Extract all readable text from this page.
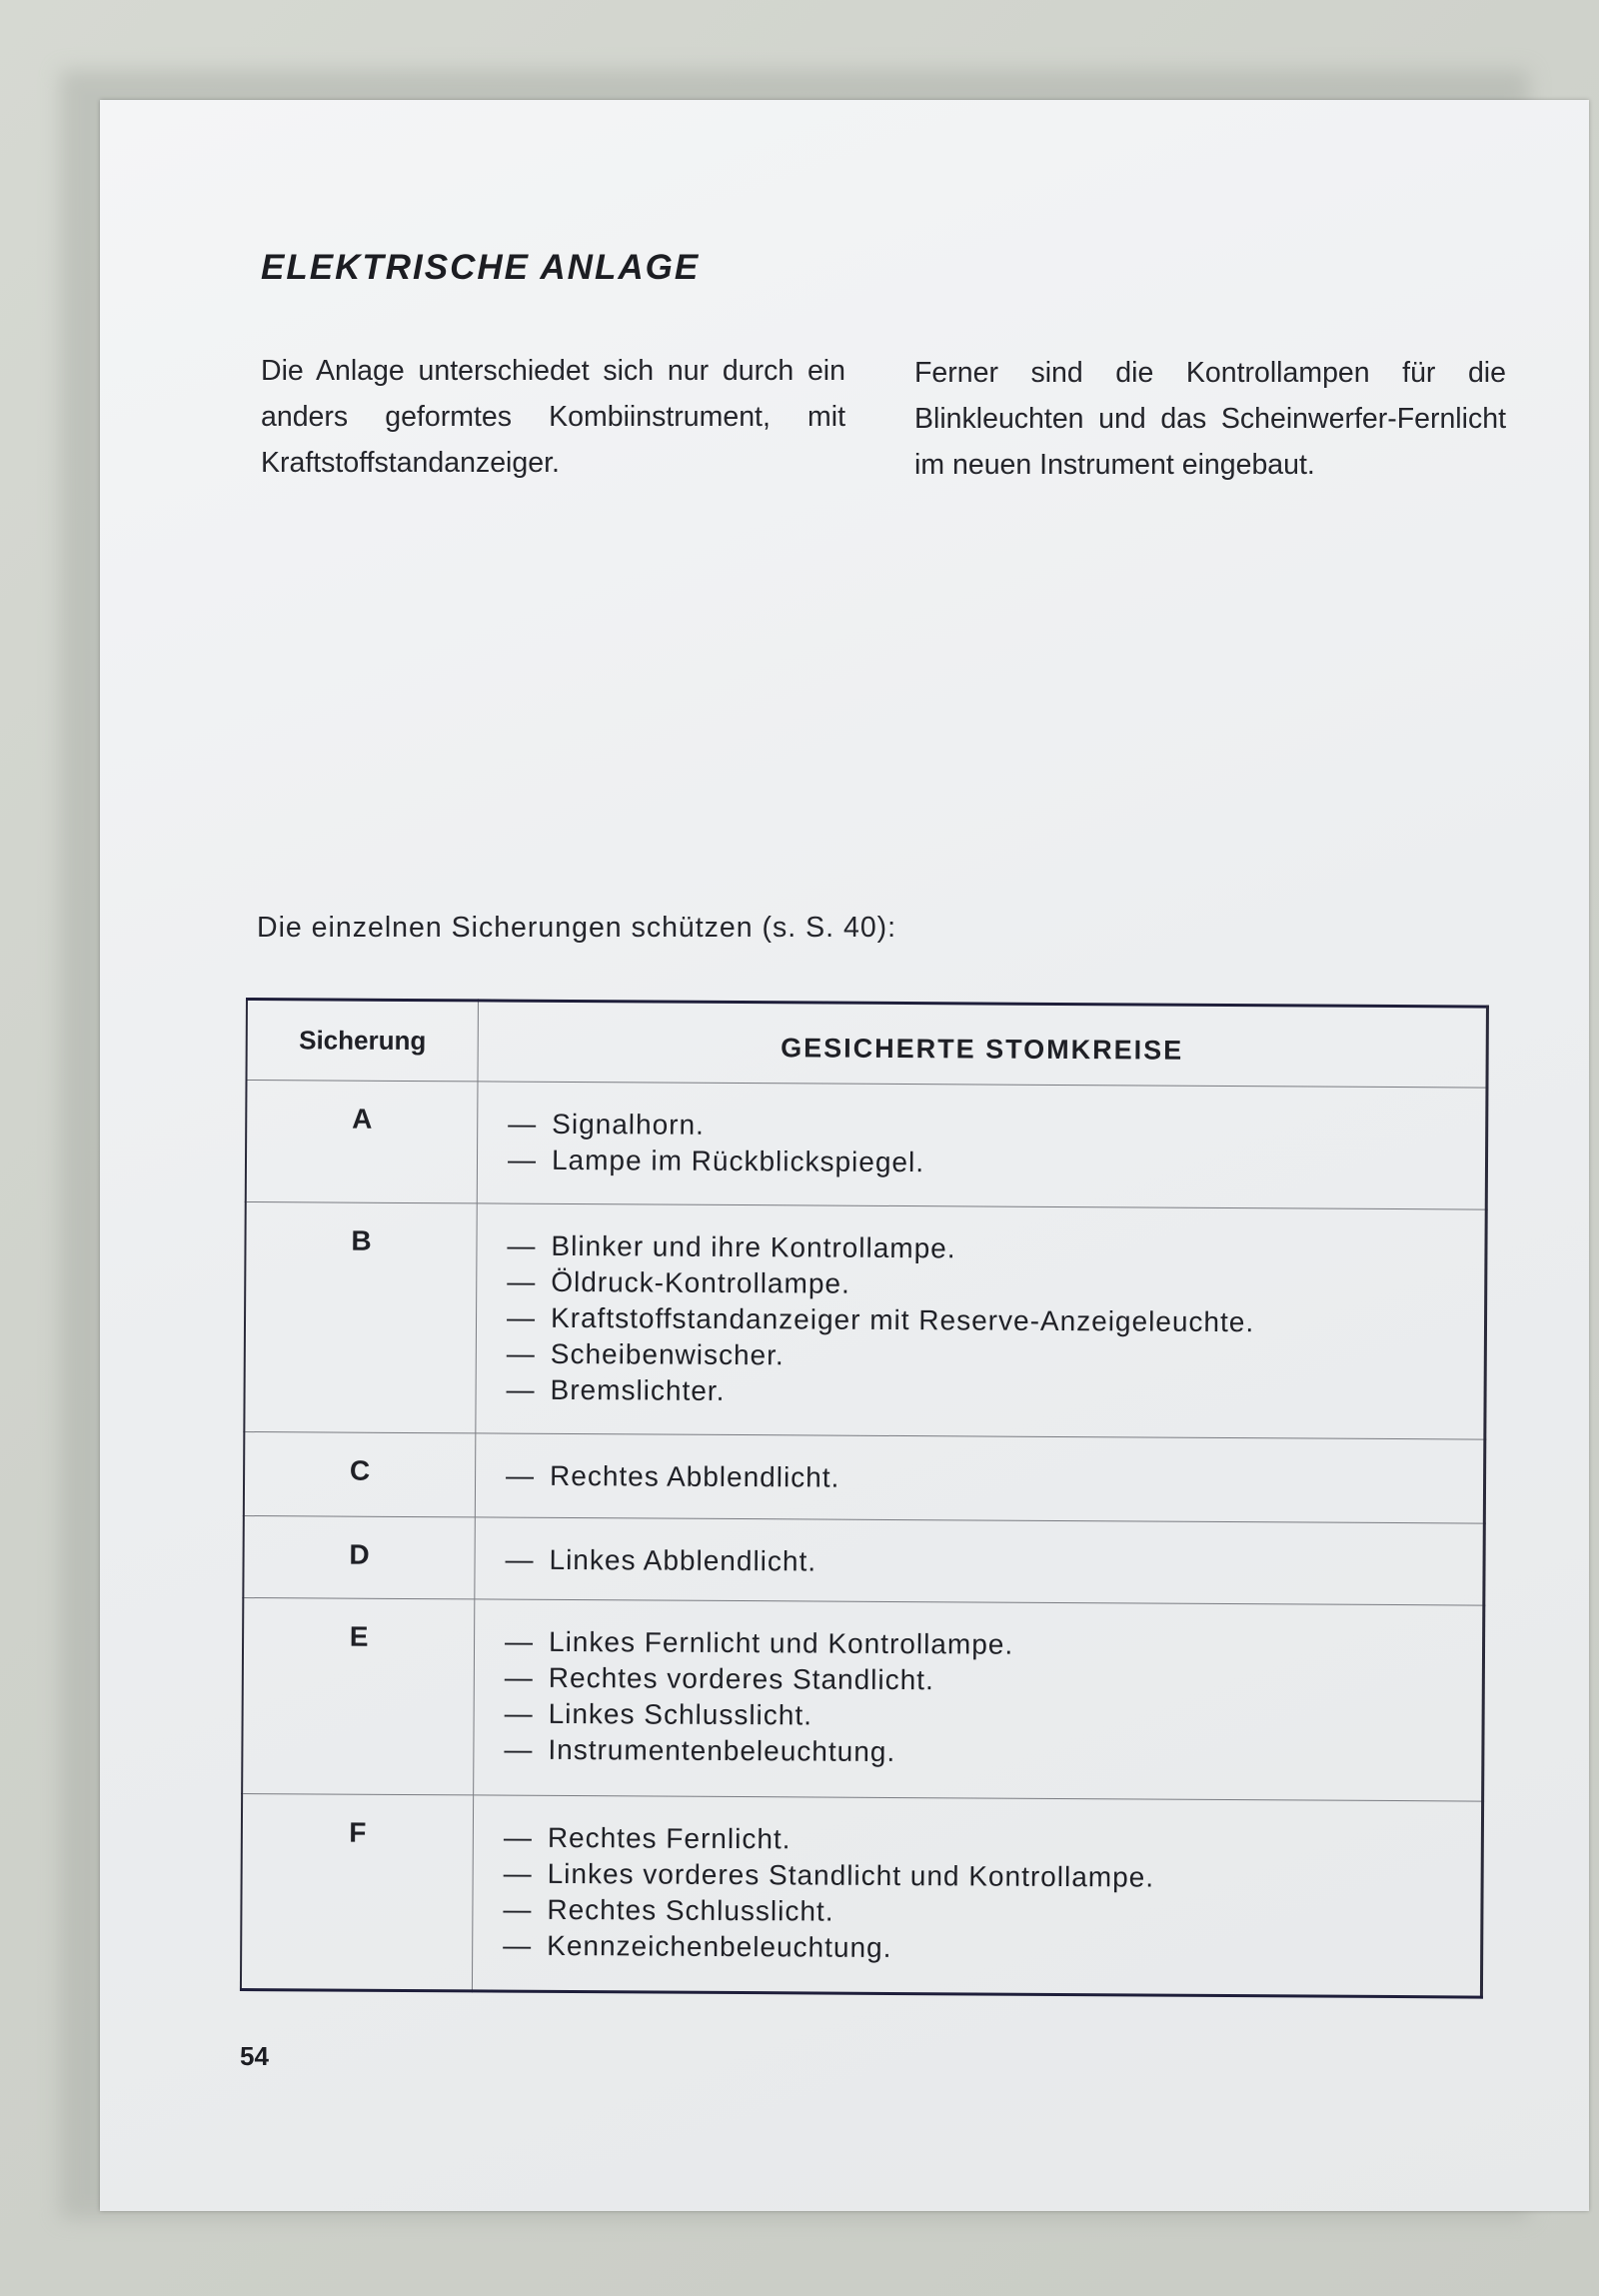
ELEKTRISCHE ANLAGE

Die Anlage unterschiedet sich nur durch ein anders geformtes Kombiinstrument, mit Kraftstoffstandanzeiger.

Ferner sind die Kontrollampen für die Blinkleuchten und das Scheinwerfer-Fernlicht im neuen Instrument eingebaut.

Die einzelnen Sicherungen schützen (s. S. 40):

Sicherung	GESICHERTE STOMKREISE
A	— Signalhorn.
— Lampe im Rückblickspiegel.

B	— Blinker und ihre Kontrollampe.
— Öldruck-Kontrollampe.
— Kraftstoffstandanzeiger mit Reserve-Anzeigeleuchte.
— Scheibenwischer.
— Bremslichter.

C	— Rechtes Abblendlicht.

D	— Linkes Abblendlicht.

E	— Linkes Fernlicht und Kontrollampe.
— Rechtes vorderes Standlicht.
— Linkes Schlusslicht.
— Instrumentenbeleuchtung.

F	— Rechtes Fernlicht.
— Linkes vorderes Standlicht und Kontrollampe.
— Rechtes Schlusslicht.
— Kennzeichenbeleuchtung.

54
